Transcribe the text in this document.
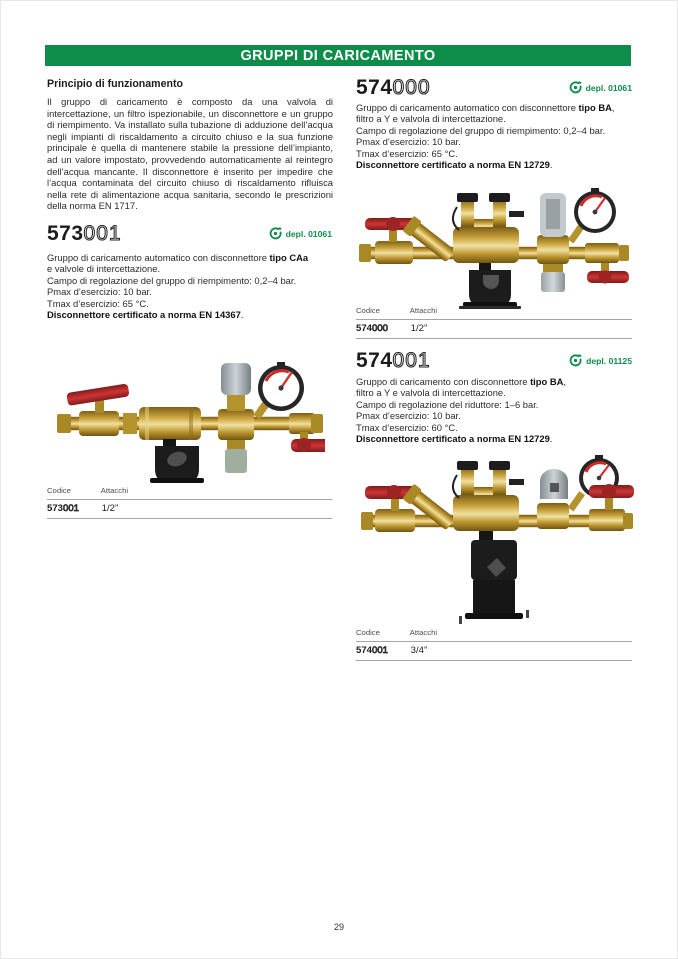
GRUPPI DI CARICAMENTO
Principio di funzionamento
Il gruppo di caricamento è composto da una valvola di intercettazione, un filtro ispezionabile, un disconnettore e un gruppo di riempimento. Va installato sulla tubazione di adduzione dell’acqua negli impianti di riscaldamento a circuito chiuso e la sua funzione principale è quella di mantenere stabile la pressione dell’impianto, ad un valore impostato, provvedendo automaticamente al reintegro dell’acqua mancante. Il disconnettore è inserito per impedire che l’acqua contaminata del circuito chiuso di riscaldamento rifluisca nella rete di alimentazione acqua sanitaria, secondo le prescrizioni della norma EN 1717.
573001	depl. 01061

Gruppo di caricamento automatico con disconnettore tipo CAa
e valvole di intercettazione.
Campo di regolazione del gruppo di riempimento: 0,2–4 bar.
Pmax d’esercizio: 10 bar.
Tmax d’esercizio: 65 °C.
Disconnettore certificato a norma EN 14367.

Codice	Attacchi
573001 1/2”
574000	depl. 01061

Gruppo di caricamento automatico con disconnettore tipo BA,
filtro a Y e valvola di intercettazione.
Campo di regolazione del gruppo di riempimento: 0,2–4 bar.
Pmax d’esercizio: 10 bar.
Tmax d’esercizio: 65 °C.
Disconnettore certificato a norma EN 12729.

Codice	Attacchi
574000 1/2”
574001	depl. 01125

Gruppo di caricamento con disconnettore tipo BA,
filtro a Y e valvola di intercettazione.
Campo di regolazione del riduttore: 1–6 bar.
Pmax d’esercizio: 10 bar.
Tmax d’esercizio: 60 °C.
Disconnettore certificato a norma EN 12729.

Codice	Attacchi
574001 3/4”
29
